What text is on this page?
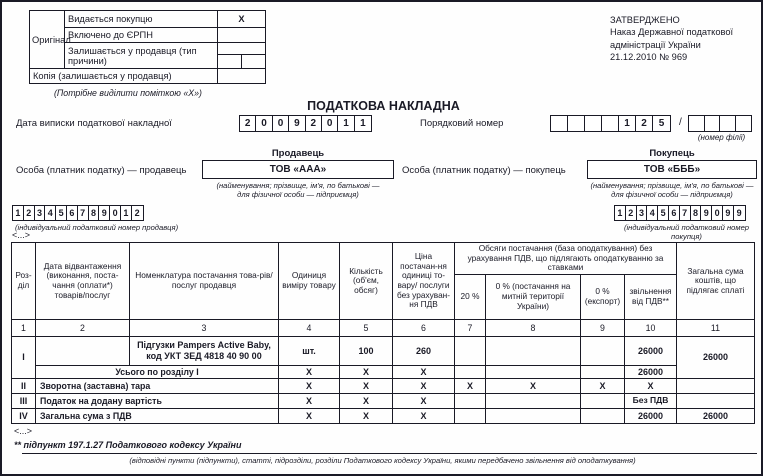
Оригінал	Видається покупцю	Х
	Включено до ЄРПН	
	Залишається у продавця (тип причини)	

Копія (залишається у продавця)		
(Потрібне виділити поміткою «Х»)
ЗАТВЕРДЖЕНО
Наказ Державної податкової
адміністрації України
21.12.2010 № 969
ПОДАТКОВА НАКЛАДНА
Дата виписки податкової накладної	2	0	0	9	2	0	1	1	Порядковий номер	1	2	5	/
(номер філії)
Продавець
Особа (платник податку) — продавець	ТОВ «ААА»
(найменування; прізвище, ім'я, по батькові —
для фізичної особи — підприємця)
Покупець
Особа (платник податку) — покупець	ТОВ «БББ»
(найменування; прізвище, ім'я, по батькові —
для фізичної особи — підприємця)
1 2 3 4 5 6 7 8 9 0 1 2
(індивідуальний податковий номер продавця)
1 2 3 4 5 6 7 8 9 0 9 9
(індивідуальний податковий номер покупця)
<...>
Роз-діл	Дата відвантаження (виконання, поста-чання (оплати*) товарів/послуг	Номенклатура постачання това-рів/послуг продавця	Одиниця виміру товару	Кількість (об'єм, обсяг)	Ціна постачан-ня одиниці то-вару/ послуги без урахуван-ня ПДВ	Обсяги постачання (база оподаткування) без урахування ПДВ, що підлягають оподаткуванню за ставками				Загальна сума коштів, що підлягає сплаті
						20 %	0 % (постачання на митній території України)	0 % (експорт)	звільнення від ПДВ**	
1	2	3	4	5	6	7	8	9	10	11
I		Підгузки Pampers Active Baby,
код УКТ ЗЕД 4818 40 90 00	шт.	100	260				26000	26000
	Усього по розділу I		Х	Х	Х				26000	
II	Зворотна (заставна) тара		Х	Х	Х	Х	Х	Х	Х	
III	Податок на додану вартість		Х	Х	Х				Без ПДВ	
IV	Загальна сума з ПДВ		Х	Х	Х				26000	26000
<...>
** підпункт 197.1.27 Податкового кодексу України
(відповідні пункти (підпункти), статті, підрозділи, розділи Податкового кодексу України, якими передбачено звільнення від оподаткування)
